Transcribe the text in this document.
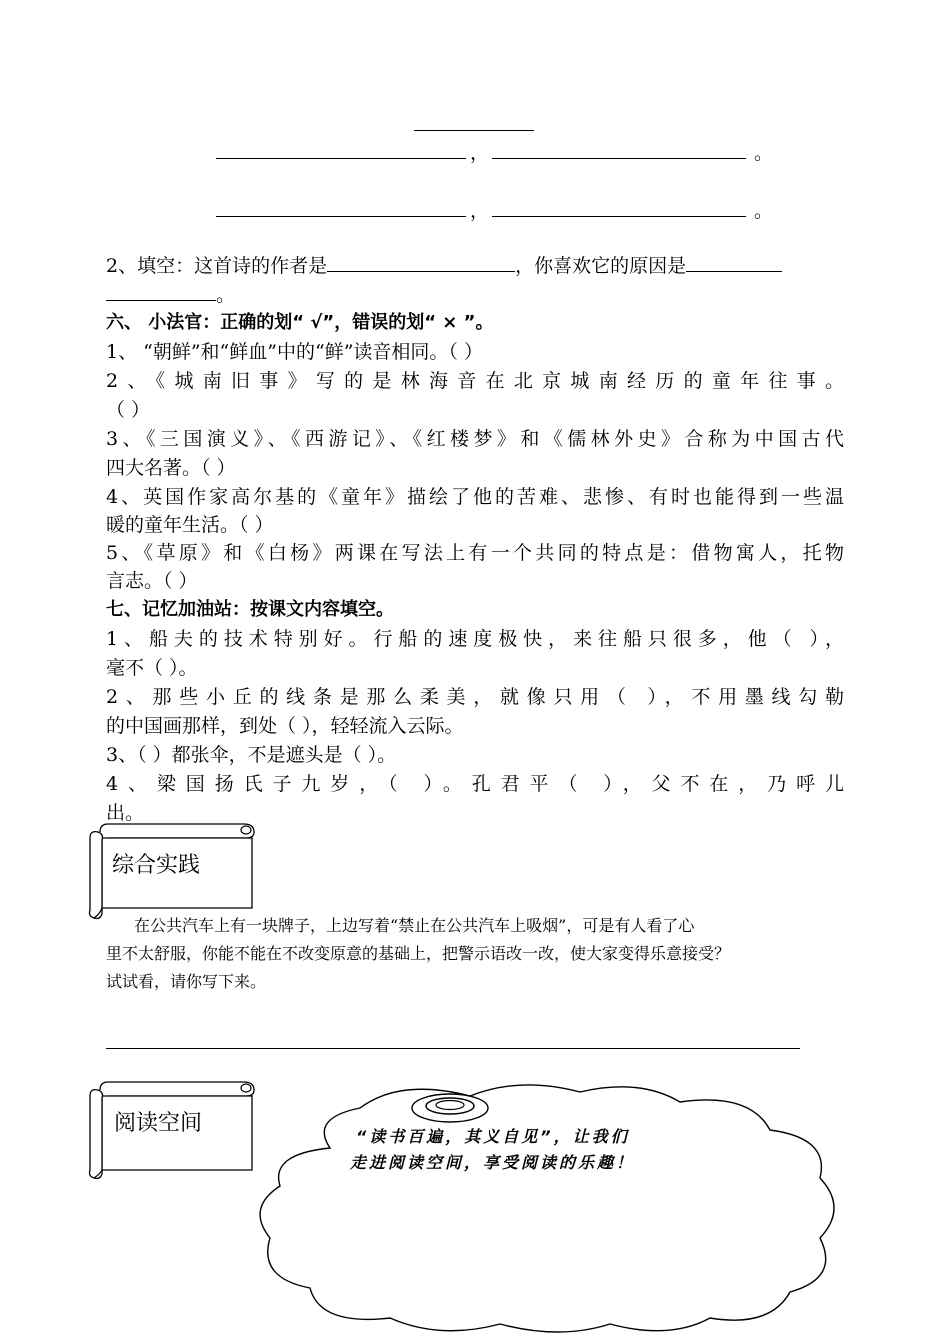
，	。
，	。
2、填空：这首诗的作者是	，你喜欢它的原因是
。
六、 小法官：正确的划“ √”，错误的划“ × ”。
1、 “朝鲜”和“鲜血”中的“鲜”读音相同。（ ）
2、《城南旧事》写的是林海音在北京城南经历的童年往事。
（ ）
3、《三国演义》、《西游记》、《红楼梦》和《儒林外史》合称为中国古代
四大名著。（ ）
4、英国作家高尔基的《童年》描绘了他的苦难、悲惨、有时也能得到一些温
暖的童年生活。（ ）
5、《草原》和《白杨》两课在写法上有一个共同的特点是：借物寓人，托物
言志。（ ）
七、记忆加油站：按课文内容填空。
1、船夫的技术特别好。行船的速度极快，来往船只很多，他（ ），
毫不（ ）。
2、那些小丘的线条是那么柔美，就像只用（ ），不用墨线勾勒
的中国画那样，到处（ ），轻轻流入云际。
3、（ ）都张伞，不是遮头是（ ）。
4、梁国扬氏子九岁，（ ）。孔君平（ ），父不在，乃呼儿
出。
综合实践
在公共汽车上有一块牌子，上边写着“禁止在公共汽车上吸烟”，可是有人看了心
里不太舒服，你能不能在不改变原意的基础上，把警示语改一改，使大家变得乐意接受？
试试看，请你写下来。
阅读空间
“读书百遍，其义自见”，让我们
走进阅读空间，享受阅读的乐趣！
